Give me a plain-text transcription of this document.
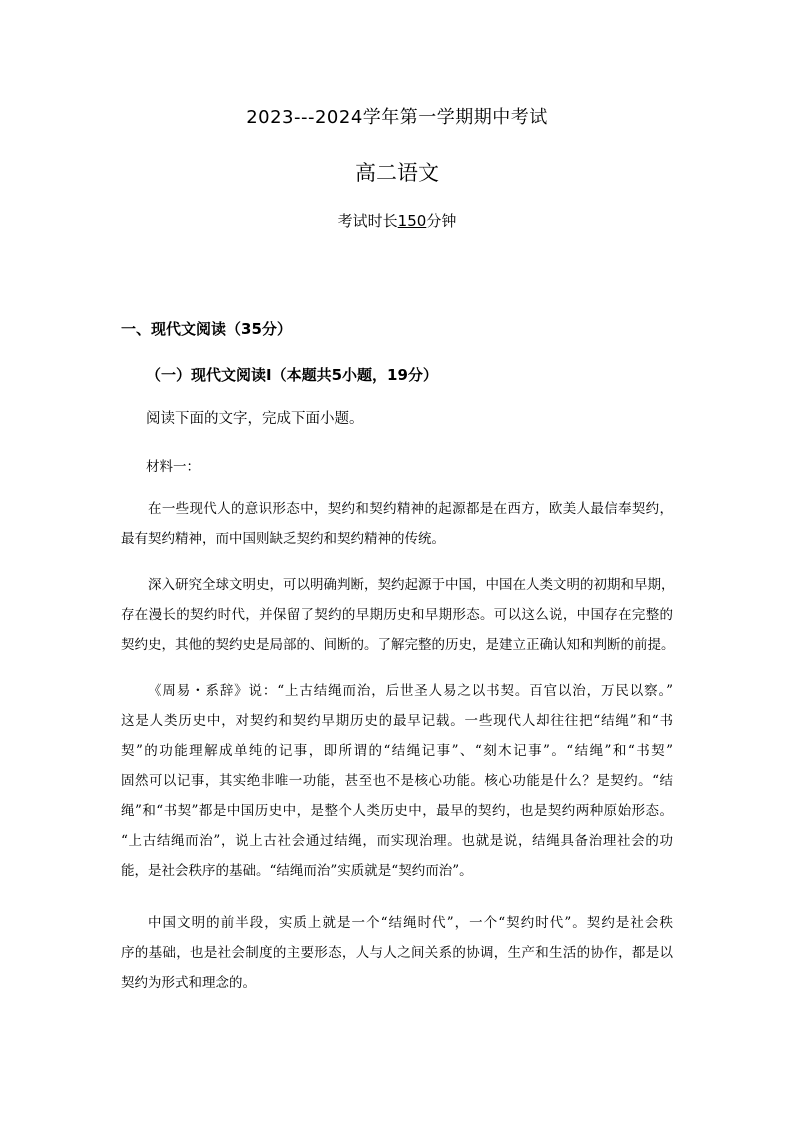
2023---2024学年第一学期期中考试
高二语文
考试时长150分钟
一、现代文阅读（35分）
（一）现代文阅读Ⅰ（本题共5小题，19分）
阅读下面的文字，完成下面小题。
材料一：
在一些现代人的意识形态中，契约和契约精神的起源都是在西方，欧美人最信奉契约，
最有契约精神，而中国则缺乏契约和契约精神的传统。
深入研究全球文明史，可以明确判断，契约起源于中国，中国在人类文明的初期和早期，
存在漫长的契约时代，并保留了契约的早期历史和早期形态。可以这么说，中国存在完整的
契约史，其他的契约史是局部的、间断的。了解完整的历史，是建立正确认知和判断的前提。
《周易・系辞》说：“上古结绳而治，后世圣人易之以书契。百官以治，万民以察。”
这是人类历史中，对契约和契约早期历史的最早记载。一些现代人却往往把“结绳”和“书
契”的功能理解成单纯的记事，即所谓的“结绳记事”、“刻木记事”。“结绳”和“书契”
固然可以记事，其实绝非唯一功能，甚至也不是核心功能。核心功能是什么？是契约。“结
绳”和“书契”都是中国历史中，是整个人类历史中，最早的契约，也是契约两种原始形态。
“上古结绳而治”，说上古社会通过结绳，而实现治理。也就是说，结绳具备治理社会的功
能，是社会秩序的基础。“结绳而治”实质就是“契约而治”。
中国文明的前半段，实质上就是一个“结绳时代”，一个“契约时代”。契约是社会秩
序的基础，也是社会制度的主要形态，人与人之间关系的协调，生产和生活的协作，都是以
契约为形式和理念的。
